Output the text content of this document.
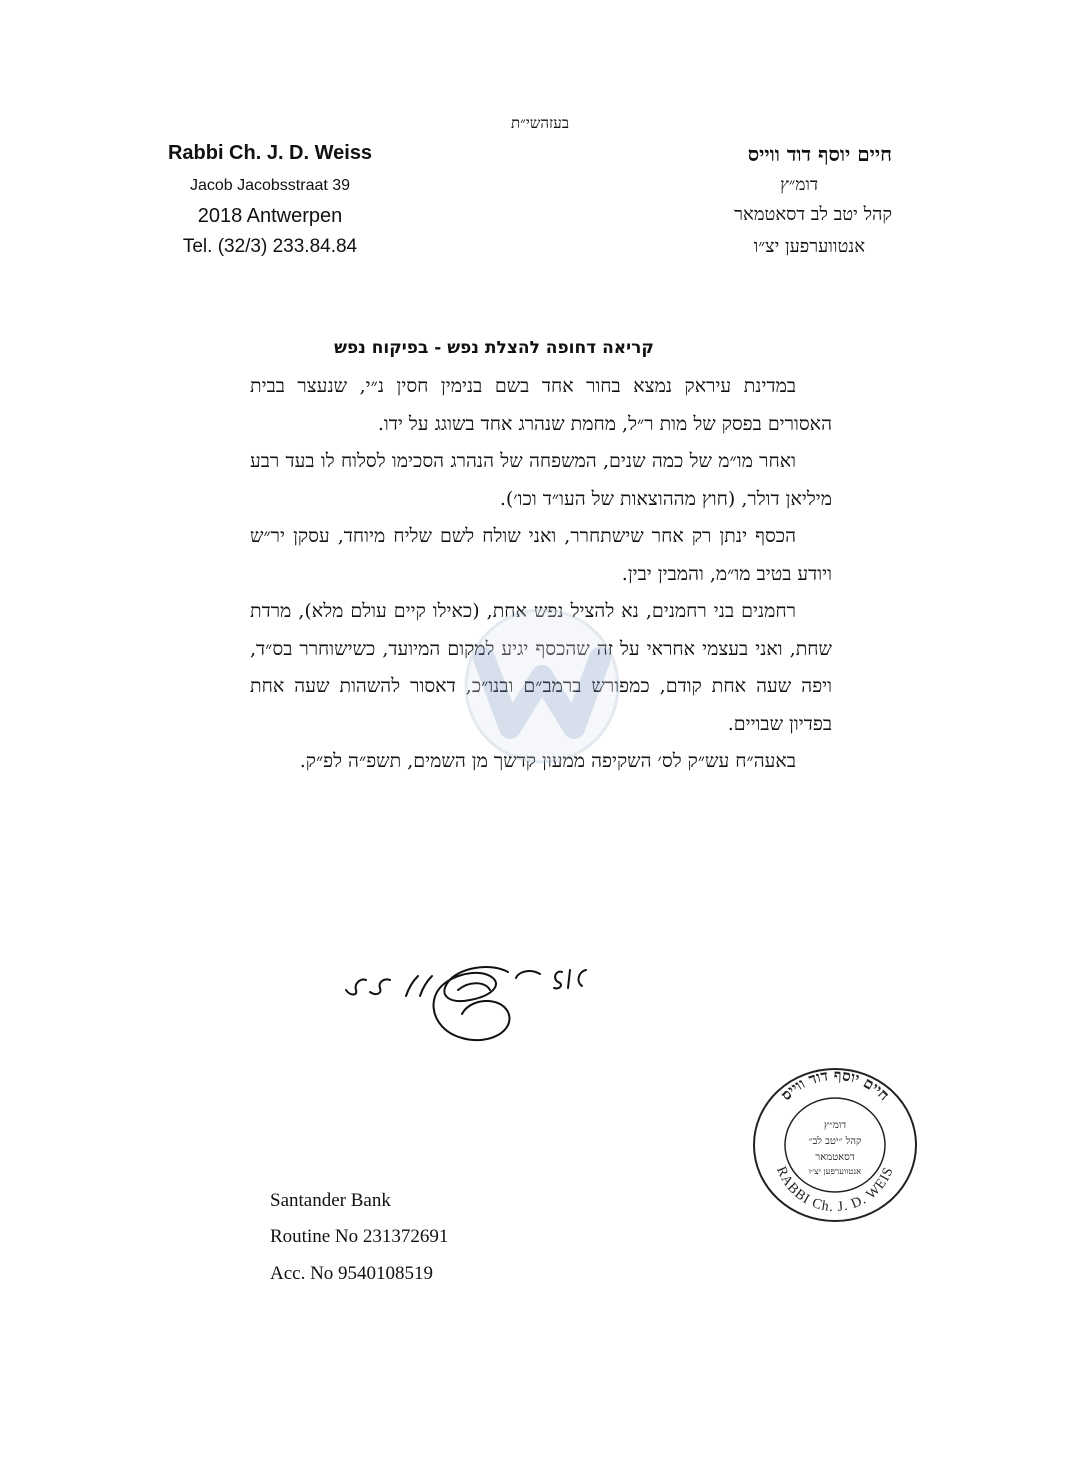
בעזהשי״ת
Rabbi Ch. J. D. Weiss
Jacob Jacobsstraat 39
2018 Antwerpen
Tel. (32/3) 233.84.84
חיים יוסף דוד ווייס
דומ״ץ
קהל יטב לב דסאטמאר
אנטווערפען יצ״ו
קריאה דחופה להצלת נפש - בפיקוח נפש

במדינת עיראק נמצא בחור אחד בשם בנימין חסין נ״י, שנעצר בבית האסורים בפסק של מות ר״ל, מחמת שנהרג אחד בשוגג על ידו.

ואחר מו״מ של כמה שנים, המשפחה של הנהרג הסכימו לסלוח לו בעד רבע מיליאן דולר, (חוץ מההוצאות של העו״ד וכו׳).

הכסף ינתן רק אחר שישתחרר, ואני שולח לשם שליח מיוחד, עסקן יר״ש ויודע בטיב מו״מ, והמבין יבין.

רחמנים בני רחמנים, נא להציל נפש אחת, (כאילו קיים עולם מלא), מרדת שחת, ואני בעצמי אחראי על זה שהכסף יגיע למקום המיועד, כשישוחרר בס״ד, ויפה שעה אחת קודם, כמפורש ברמב״ם ובנו״כ, דאסור להשהות שעה אחת בפדיון שבויים.

באעה״ח עש״ק לס׳ השקיפה ממעון קדשך מן השמים, תשפ״ה לפ״ק.

חיים יוסף דוד ווייס
RABBI Ch. J. D. WEIS
דומ״ץ
קהל ״יטב לב״
דסאטמאר
אנטווערפען יצ״ו
Santander Bank
Routine No 231372691
Acc. No 9540108519
